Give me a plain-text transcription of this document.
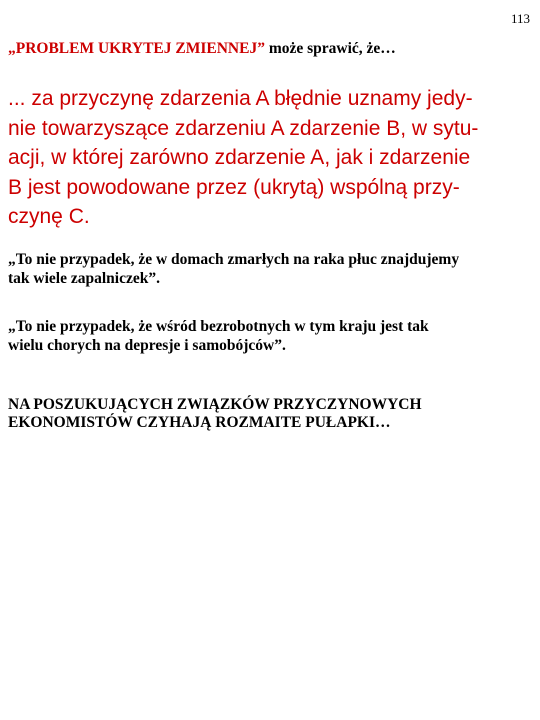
113
„PROBLEM UKRYTEJ ZMIENNEJ” może sprawić, że…
... za przyczynę zdarzenia A błędnie uznamy jedy-
nie towarzyszące zdarzeniu A zdarzenie B, w sytu-
acji, w której zarówno zdarzenie A, jak i zdarzenie
B jest powodowane przez (ukrytą) wspólną przy-
czynę C.
„To nie przypadek, że w domach zmarłych na raka płuc znajdujemy
tak wiele zapalniczek”.
„To nie przypadek, że wśród bezrobotnych w tym kraju jest tak
wielu chorych na depresje i samobójców”.
NA POSZUKUJĄCYCH ZWIĄZKÓW PRZYCZYNOWYCH
EKONOMISTÓW CZYHAJĄ ROZMAITE PUŁAPKI…
